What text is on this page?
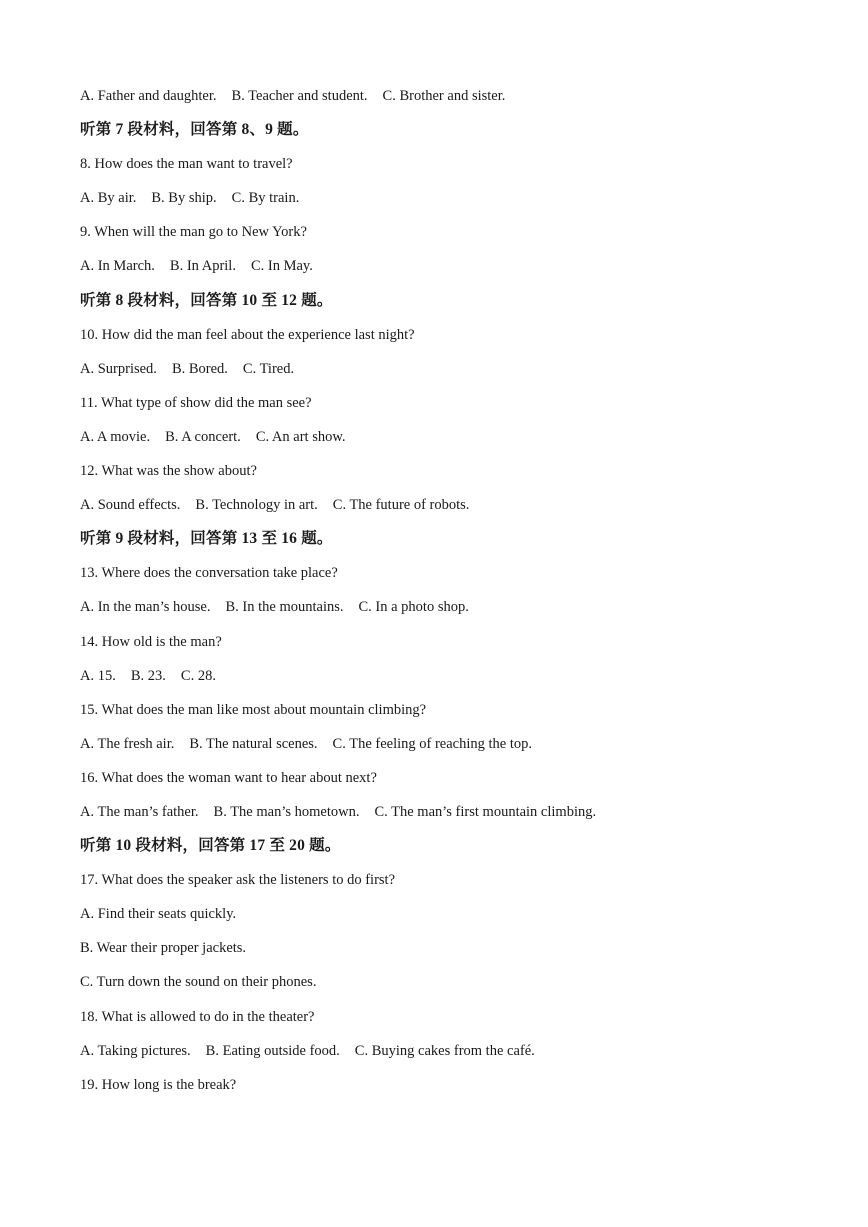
A. Father and daughter. B. Teacher and student. C. Brother and sister.
听第 7 段材料，回答第 8、9 题。
8. How does the man want to travel?
A. By air. B. By ship. C. By train.
9. When will the man go to New York?
A. In March. B. In April. C. In May.
听第 8 段材料，回答第 10 至 12 题。
10. How did the man feel about the experience last night?
A. Surprised. B. Bored. C. Tired.
11. What type of show did the man see?
A. A movie. B. A concert. C. An art show.
12. What was the show about?
A. Sound effects. B. Technology in art. C. The future of robots.
听第 9 段材料，回答第 13 至 16 题。
13. Where does the conversation take place?
A. In the man’s house. B. In the mountains. C. In a photo shop.
14. How old is the man?
A. 15. B. 23. C. 28.
15. What does the man like most about mountain climbing?
A. The fresh air. B. The natural scenes. C. The feeling of reaching the top.
16. What does the woman want to hear about next?
A. The man’s father. B. The man’s hometown. C. The man’s first mountain climbing.
听第 10 段材料，回答第 17 至 20 题。
17. What does the speaker ask the listeners to do first?
A. Find their seats quickly.
B. Wear their proper jackets.
C. Turn down the sound on their phones.
18. What is allowed to do in the theater?
A. Taking pictures. B. Eating outside food. C. Buying cakes from the café.
19. How long is the break?
